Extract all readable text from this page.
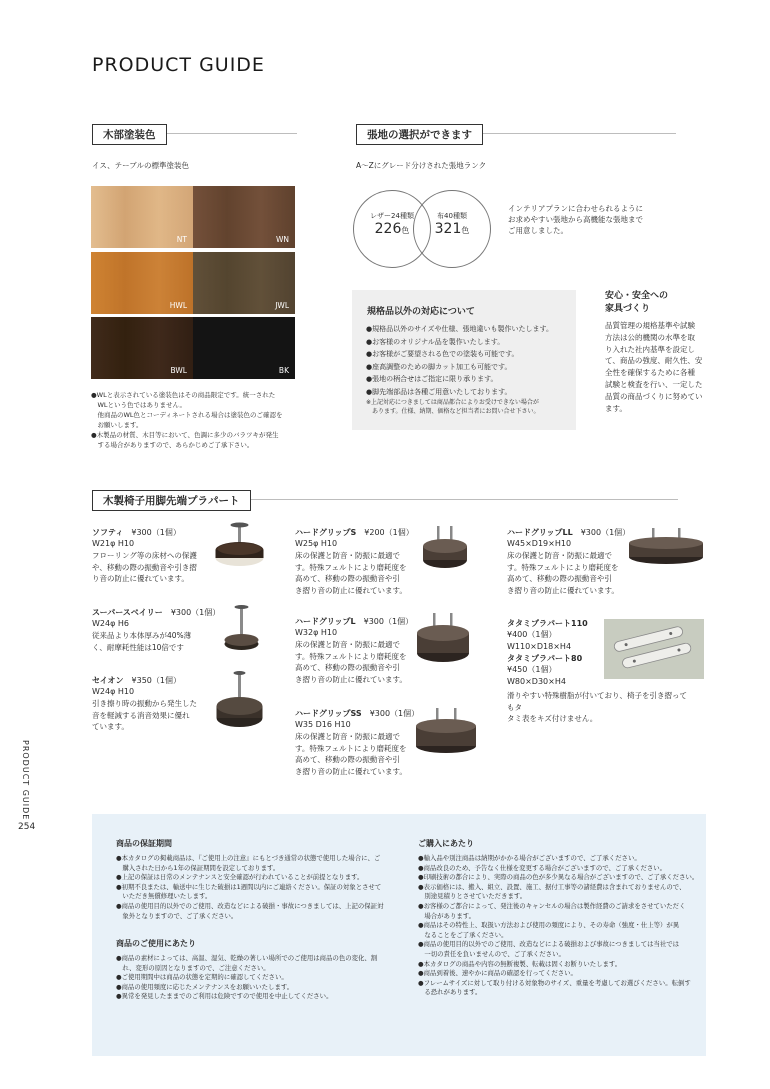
PRODUCT GUIDE
木部塗装色
イス、テーブルの標準塗装色
NT	WN
HWL	JWL
BWL	BK
●WLと表示されている塗装色はその商品限定です。統一された
　WLという色ではありません。
　他商品のWL色とコーディネートされる場合は塗装色のご確認を
　お願いします。
●木製品の材質、木目等において、色調に多少のバラツキが発生
　する場合がありますので、あらかじめご了承下さい。
張地の選択ができます
A〜Zにグレード分けされた張地ランク
レザー24種類
226色
布40種類
321色
インテリアプランに合わせられるように
お求めやすい張地から高機能な張地まで
ご用意しました。
規格品以外の対応について
●規格品以外のサイズや仕様、張地違いも製作いたします。
●お客様のオリジナル品を製作いたします。
●お客様がご要望される色での塗装も可能です。
●座高調整のための脚カット加工も可能です。
●張地の柄合せはご指定に限り承ります。
●脚先端部品は各種ご用意いたしております。
※上記対応につきましては商品都合によりお受けできない場合が
　あります。仕様、納期、価格など担当者にお問い合せ下さい。
安心・安全への
家具づくり
品質管理の規格基準や試験
方法は公的機関の水準を取
り入れた社内基準を設定し
て、商品の強度、耐久性、安
全性を確保するために各種
試験と検査を行い、一定した
品質の商品づくりに努めてい
ます。
木製椅子用脚先端プラパート
ソフティ　 ¥300（1個）
W21φ H10
フローリング等の床材への保護
や、移動の際の振動音や引き摺
り音の防止に優れています。
スーパースベイリー　 ¥300（1個）
W24φ H6
従来品より本体厚みが40%薄
く、耐摩耗性能は10倍です
セイオン　 ¥350（1個）
W24φ H10
引き擦り時の振動から発生した
音を軽減する消音効果に優れ
ています。
ハードグリップS　 ¥200（1個）
W25φ H10
床の保護と防音・防振に最適で
す。特殊フェルトにより磨耗度を
高めて、移動の際の振動音や引
き摺り音の防止に優れています。
ハードグリップL　 ¥300（1個）
W32φ H10
床の保護と防音・防振に最適で
す。特殊フェルトにより磨耗度を
高めて、移動の際の振動音や引
き摺り音の防止に優れています。
ハードグリップSS　 ¥300（1個）
W35 D16 H10
床の保護と防音・防振に最適で
す。特殊フェルトにより磨耗度を
高めて、移動の際の振動音や引
き摺り音の防止に優れています。
ハードグリップLL　 ¥300（1個）
W45×D19×H10
床の保護と防音・防振に最適で
す。特殊フェルトにより磨耗度を
高めて、移動の際の振動音や引
き摺り音の防止に優れています。
タタミプラパート110
¥400（1個）
W110×D18×H4
タタミプラパート80
¥450（1個）
W80×D30×H4
滑りやすい特殊樹脂が付いており、椅子を引き摺ってもタ
タミ表をキズ付けません。
PRODUCT GUIDE
254
商品の保証期間
●本カタログの掲載商品は、『ご使用上の注意』にもとづき通常の状態で使用した場合に、ご
　購入された日から1年の保証期間を設定しております。
●上記の保証は日常のメンテナンスと安全確認が行われていることが前提となります。
●初期不良または、輸送中に生じた破損は1週間以内にご連絡ください。保証の対象とさせて
　いただき無償修理いたします。
●商品の使用目的以外でのご使用、改造などによる破損・事故につきましては、上記の保証対
　象外となりますので、ご了承ください。
商品のご使用にあたり
●商品の素材によっては、高温、湿気、乾燥の著しい場所でのご使用は商品の色の変化、割
　れ、変形の原因となりますので、ご注意ください。
●ご使用期間中は商品の状態を定期的に確認してください。
●商品の使用頻度に応じたメンテナンスをお願いいたします。
●異常を発見したままでのご利用は危険ですので使用を中止してください。
ご購入にあたり
●輸入品や別注商品は納期がかかる場合がございますので、ご了承ください。
●商品改良のため、予告なく仕様を変更する場合がございますので、ご了承ください。
●印刷技術の都合により、実際の商品の色が多少異なる場合がございますので、ご了承ください。
●表示価格には、搬入、組立、設置、施工、据付工事等の諸経費は含まれておりませんので、
　別途見積りとさせていただきます。
●お客様のご都合によって、発注後のキャンセルの場合は製作経費のご請求をさせていただく
　場合があります。
●商品はその特性上、取扱い方法および使用の頻度により、その寿命（強度・仕上等）が異
　なることをご了承ください。
●商品の使用目的以外でのご使用、改造などによる破損および事故につきましては当社では
　一切の責任を負いませんので、ご了承ください。
●本カタログの商品や内容の無断複製、転載は固くお断りいたします。
●商品到着後、速やかに商品の確認を行ってください。
●フレームサイズに対して取り付ける対象物のサイズ、重量を考慮してお選びください。転倒す
　る恐れがあります。
